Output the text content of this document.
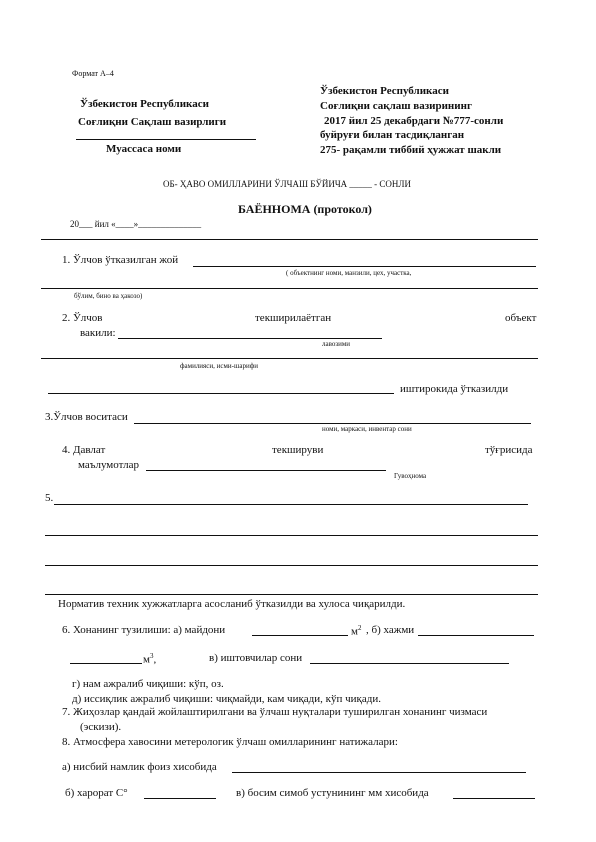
Формат А–4
Ўзбекистон Республикаси
Соғлиқни Сақлаш вазирлиги
Муассаса номи
Ўзбекистон Республикаси
Соғлиқни сақлаш вазирининг
2017 йил 25 декабрдаги №777-сонли
буйруғи билан тасдиқланган
275- рақамли тиббий ҳужжат шакли
ОБ- ҲАВО ОМИЛЛАРИНИ ЎЛЧАШ БЎЙИЧА _____ - СОНЛИ
БАЁННОМА (протокол)
20___ йил «____»______________
1. Ўлчов ўтказилган жой
( объектнинг номи, манзили, цех, участка,
бўлим, бино ва ҳакозо)
2. Ўлчов	текширилаётган	объект
вакили:
лавозими
фамилияси, исми-шарифи
иштирокида ўтказилди
3.Ўлчов воситаси
номи, маркаси, инвентар сони
4. Давлат	текшируви	тўғрисида
маълумотлар
Гувоҳнома
5.
Норматив техник хужжатларга асосланиб ўтказилди ва хулоса чиқарилди.
6. Хонанинг тузилиши: а) майдони	$м^2$ , б) хажми
$м^3$,	в) иштовчилар сони
г) нам ажралиб чиқиши: кўп, оз.
д) иссиқлик ажралиб чиқиши: чиқмайди, кам чиқади, кўп чиқади.
7. Жиҳозлар қандай жойлаштирилгани ва ўлчаш нуқталари туширилган хонанинг чизмаси
(эскизи).
8. Атмосфера хавосини метерологик ўлчаш омилларининг натижалари:
а) нисбий намлик фоиз хисобида
б) харорат С°	в) босим симоб устунининг мм хисобида
